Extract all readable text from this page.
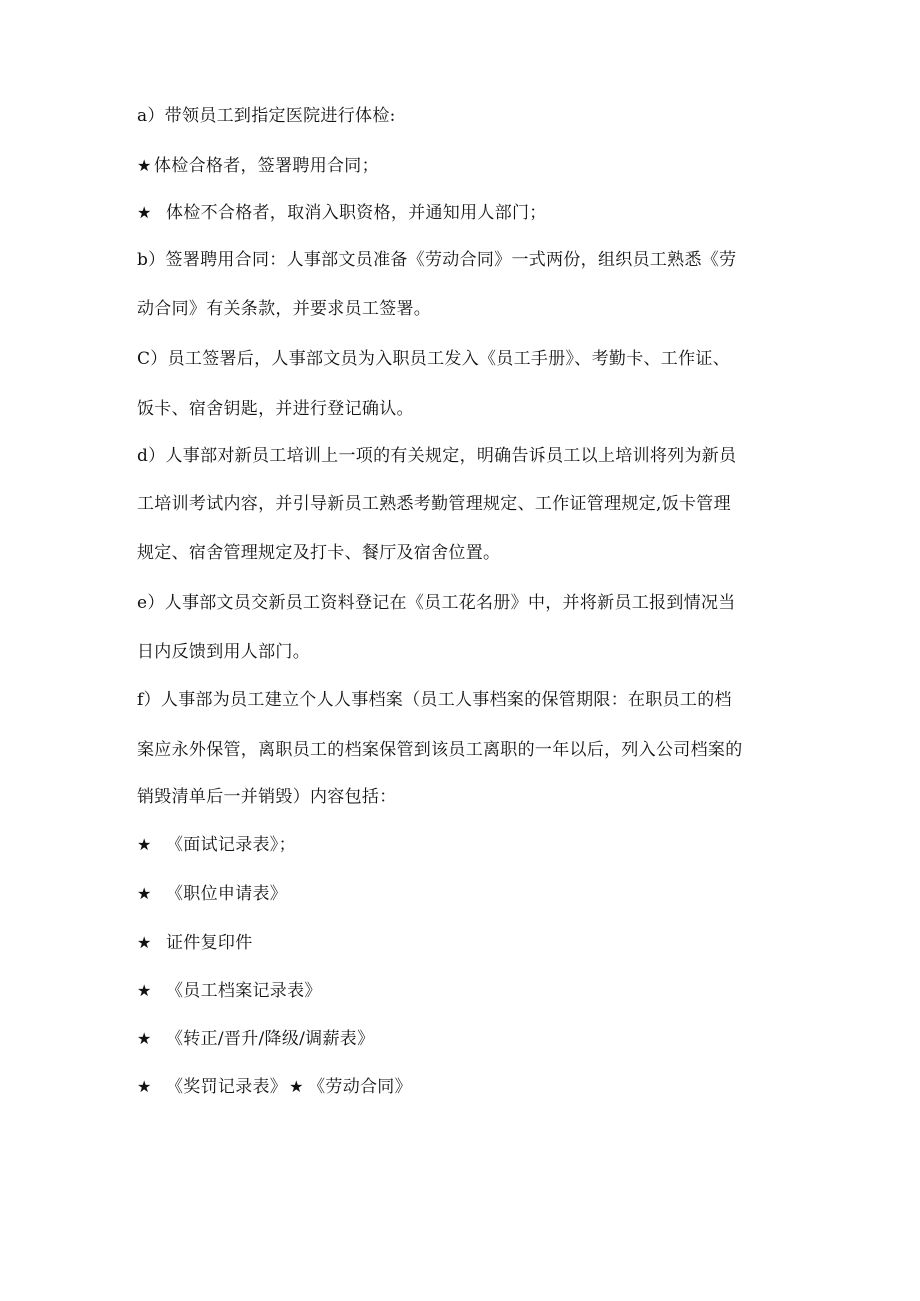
a）带领员工到指定医院进行体检:
★ 体检合格者，签署聘用合同；
★ 体检不合格者，取消入职资格，并通知用人部门；
b）签署聘用合同：人事部文员准备《劳动合同》一式两份，组织员工熟悉《劳
动合同》有关条款，并要求员工签署。
C）员工签署后，人事部文员为入职员工发入《员工手册》、考勤卡、工作证、
饭卡、宿舍钥匙，并进行登记确认。
d）人事部对新员工培训上一项的有关规定，明确告诉员工以上培训将列为新员
工培训考试内容，并引导新员工熟悉考勤管理规定、工作证管理规定,饭卡管理
规定、宿舍管理规定及打卡、餐厅及宿舍位置。
e）人事部文员交新员工资料登记在《员工花名册》中，并将新员工报到情况当
日内反馈到用人部门。
f）人事部为员工建立个人人事档案（员工人事档案的保管期限：在职员工的档
案应永外保管，离职员工的档案保管到该员工离职的一年以后，列入公司档案的
销毁清单后一并销毁）内容包括：
★ 《面试记录表》；
★ 《职位申请表》
★ 证件复印件
★ 《员工档案记录表》
★ 《转正/晋升/降级/调薪表》
★ 《奖罚记录表》 ★ 《劳动合同》
